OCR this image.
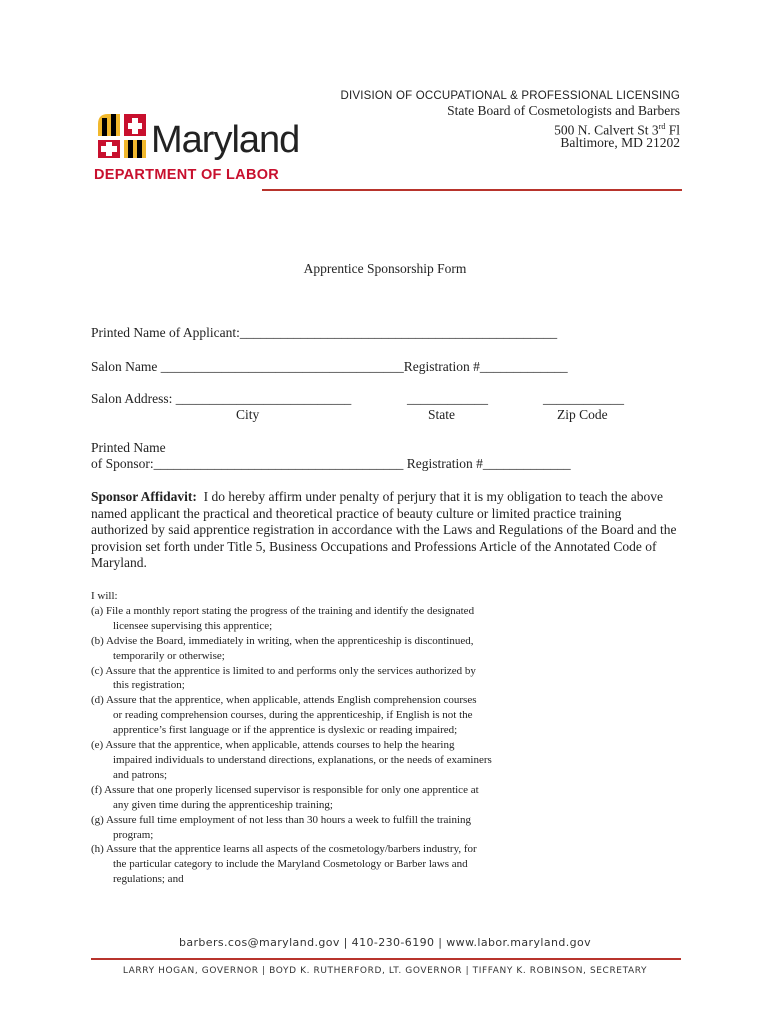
Maryland
DEPARTMENT OF LABOR
DIVISION OF OCCUPATIONAL & PROFESSIONAL LICENSING
State Board of Cosmetologists and Barbers
500 N. Calvert St 3rd Fl
Baltimore, MD 21202
Apprentice Sponsorship Form
Printed Name of Applicant:_______________________________________________
Salon Name ____________________________________Registration #_____________
Salon Address: __________________________	____________	____________
City	State	Zip Code
Printed Name
of Sponsor:_____________________________________ Registration #_____________
Sponsor Affidavit: I do hereby affirm under penalty of perjury that it is my obligation to teach the above named applicant the practical and theoretical practice of beauty culture or limited practice training authorized by said apprentice registration in accordance with the Laws and Regulations of the Board and the provision set forth under Title 5, Business Occupations and Professions Article of the Annotated Code of Maryland.
I will:
(a) File a monthly report stating the progress of the training and identify the designated
licensee supervising this apprentice;
(b) Advise the Board, immediately in writing, when the apprenticeship is discontinued,
temporarily or otherwise;
(c) Assure that the apprentice is limited to and performs only the services authorized by
this registration;
(d) Assure that the apprentice, when applicable, attends English comprehension courses
or reading comprehension courses, during the apprenticeship, if English is not the
apprentice’s first language or if the apprentice is dyslexic or reading impaired;
(e) Assure that the apprentice, when applicable, attends courses to help the hearing
impaired individuals to understand directions, explanations, or the needs of examiners
and patrons;
(f) Assure that one properly licensed supervisor is responsible for only one apprentice at
any given time during the apprenticeship training;
(g) Assure full time employment of not less than 30 hours a week to fulfill the training
program;
(h) Assure that the apprentice learns all aspects of the cosmetology/barbers industry, for
the particular category to include the Maryland Cosmetology or Barber laws and
regulations; and
barbers.cos@maryland.gov | 410-230-6190 | www.labor.maryland.gov
LARRY HOGAN, GOVERNOR | BOYD K. RUTHERFORD, LT. GOVERNOR | TIFFANY K. ROBINSON, SECRETARY
